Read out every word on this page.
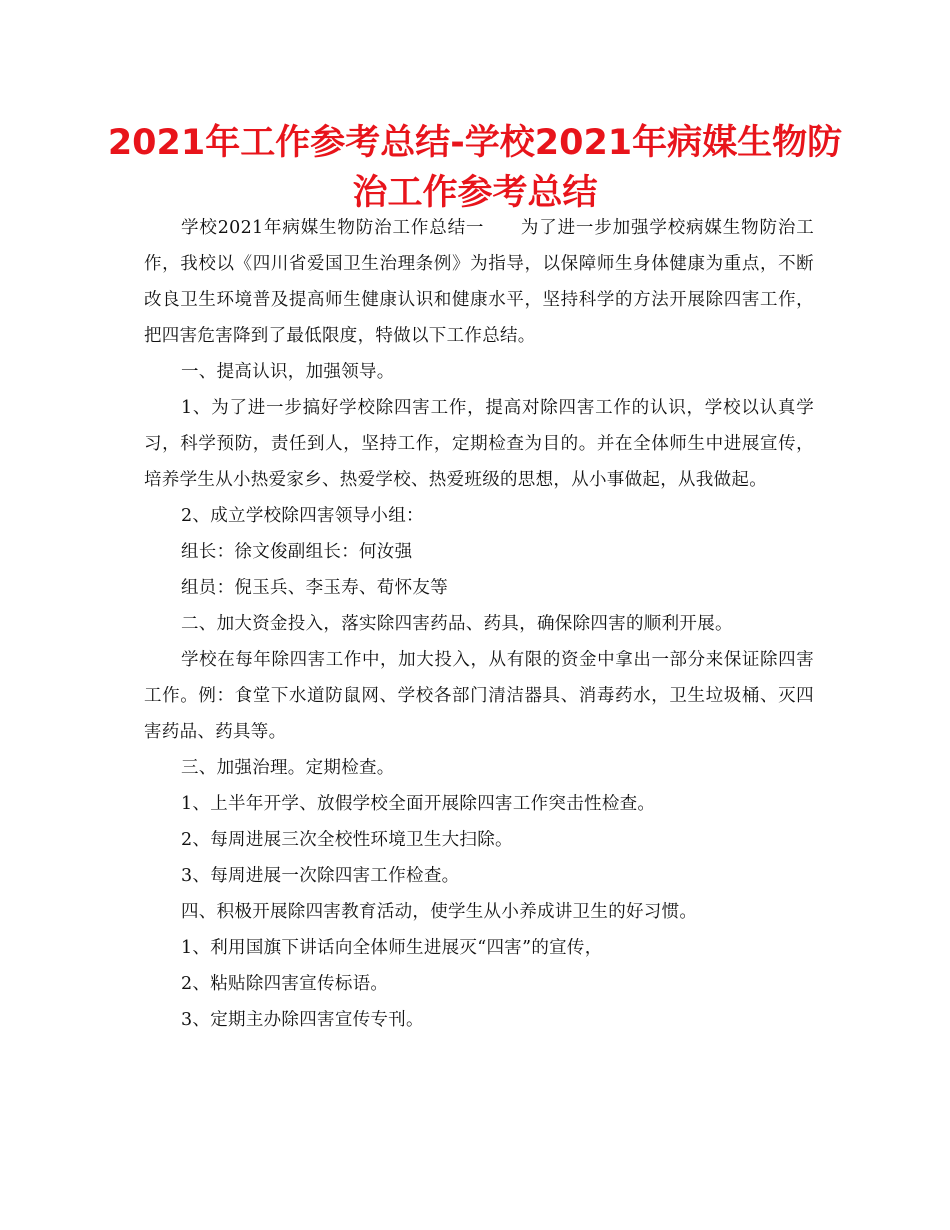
2021年工作参考总结-学校2021年病媒生物防治工作参考总结

学校2021年病媒生物防治工作总结一 为了进一步加强学校病媒生物防治工作，我校以《四川省爱国卫生治理条例》为指导，以保障师生身体健康为重点，不断改良卫生环境普及提高师生健康认识和健康水平，坚持科学的方法开展除四害工作，把四害危害降到了最低限度，特做以下工作总结。

一、提高认识，加强领导。

1、为了进一步搞好学校除四害工作，提高对除四害工作的认识，学校以认真学习，科学预防，责任到人，坚持工作，定期检查为目的。并在全体师生中进展宣传，培养学生从小热爱家乡、热爱学校、热爱班级的思想，从小事做起，从我做起。

2、成立学校除四害领导小组：

组长：徐文俊副组长：何汝强

组员：倪玉兵、李玉寿、荀怀友等

二、加大资金投入，落实除四害药品、药具，确保除四害的顺利开展。

学校在每年除四害工作中，加大投入，从有限的资金中拿出一部分来保证除四害工作。例：食堂下水道防鼠网、学校各部门清洁器具、消毒药水，卫生垃圾桶、灭四害药品、药具等。

三、加强治理。定期检查。

1、上半年开学、放假学校全面开展除四害工作突击性检查。

2、每周进展三次全校性环境卫生大扫除。

3、每周进展一次除四害工作检查。

四、积极开展除四害教育活动，使学生从小养成讲卫生的好习惯。

1、利用国旗下讲话向全体师生进展灭“四害”的宣传，

2、粘贴除四害宣传标语。

3、定期主办除四害宣传专刊。
